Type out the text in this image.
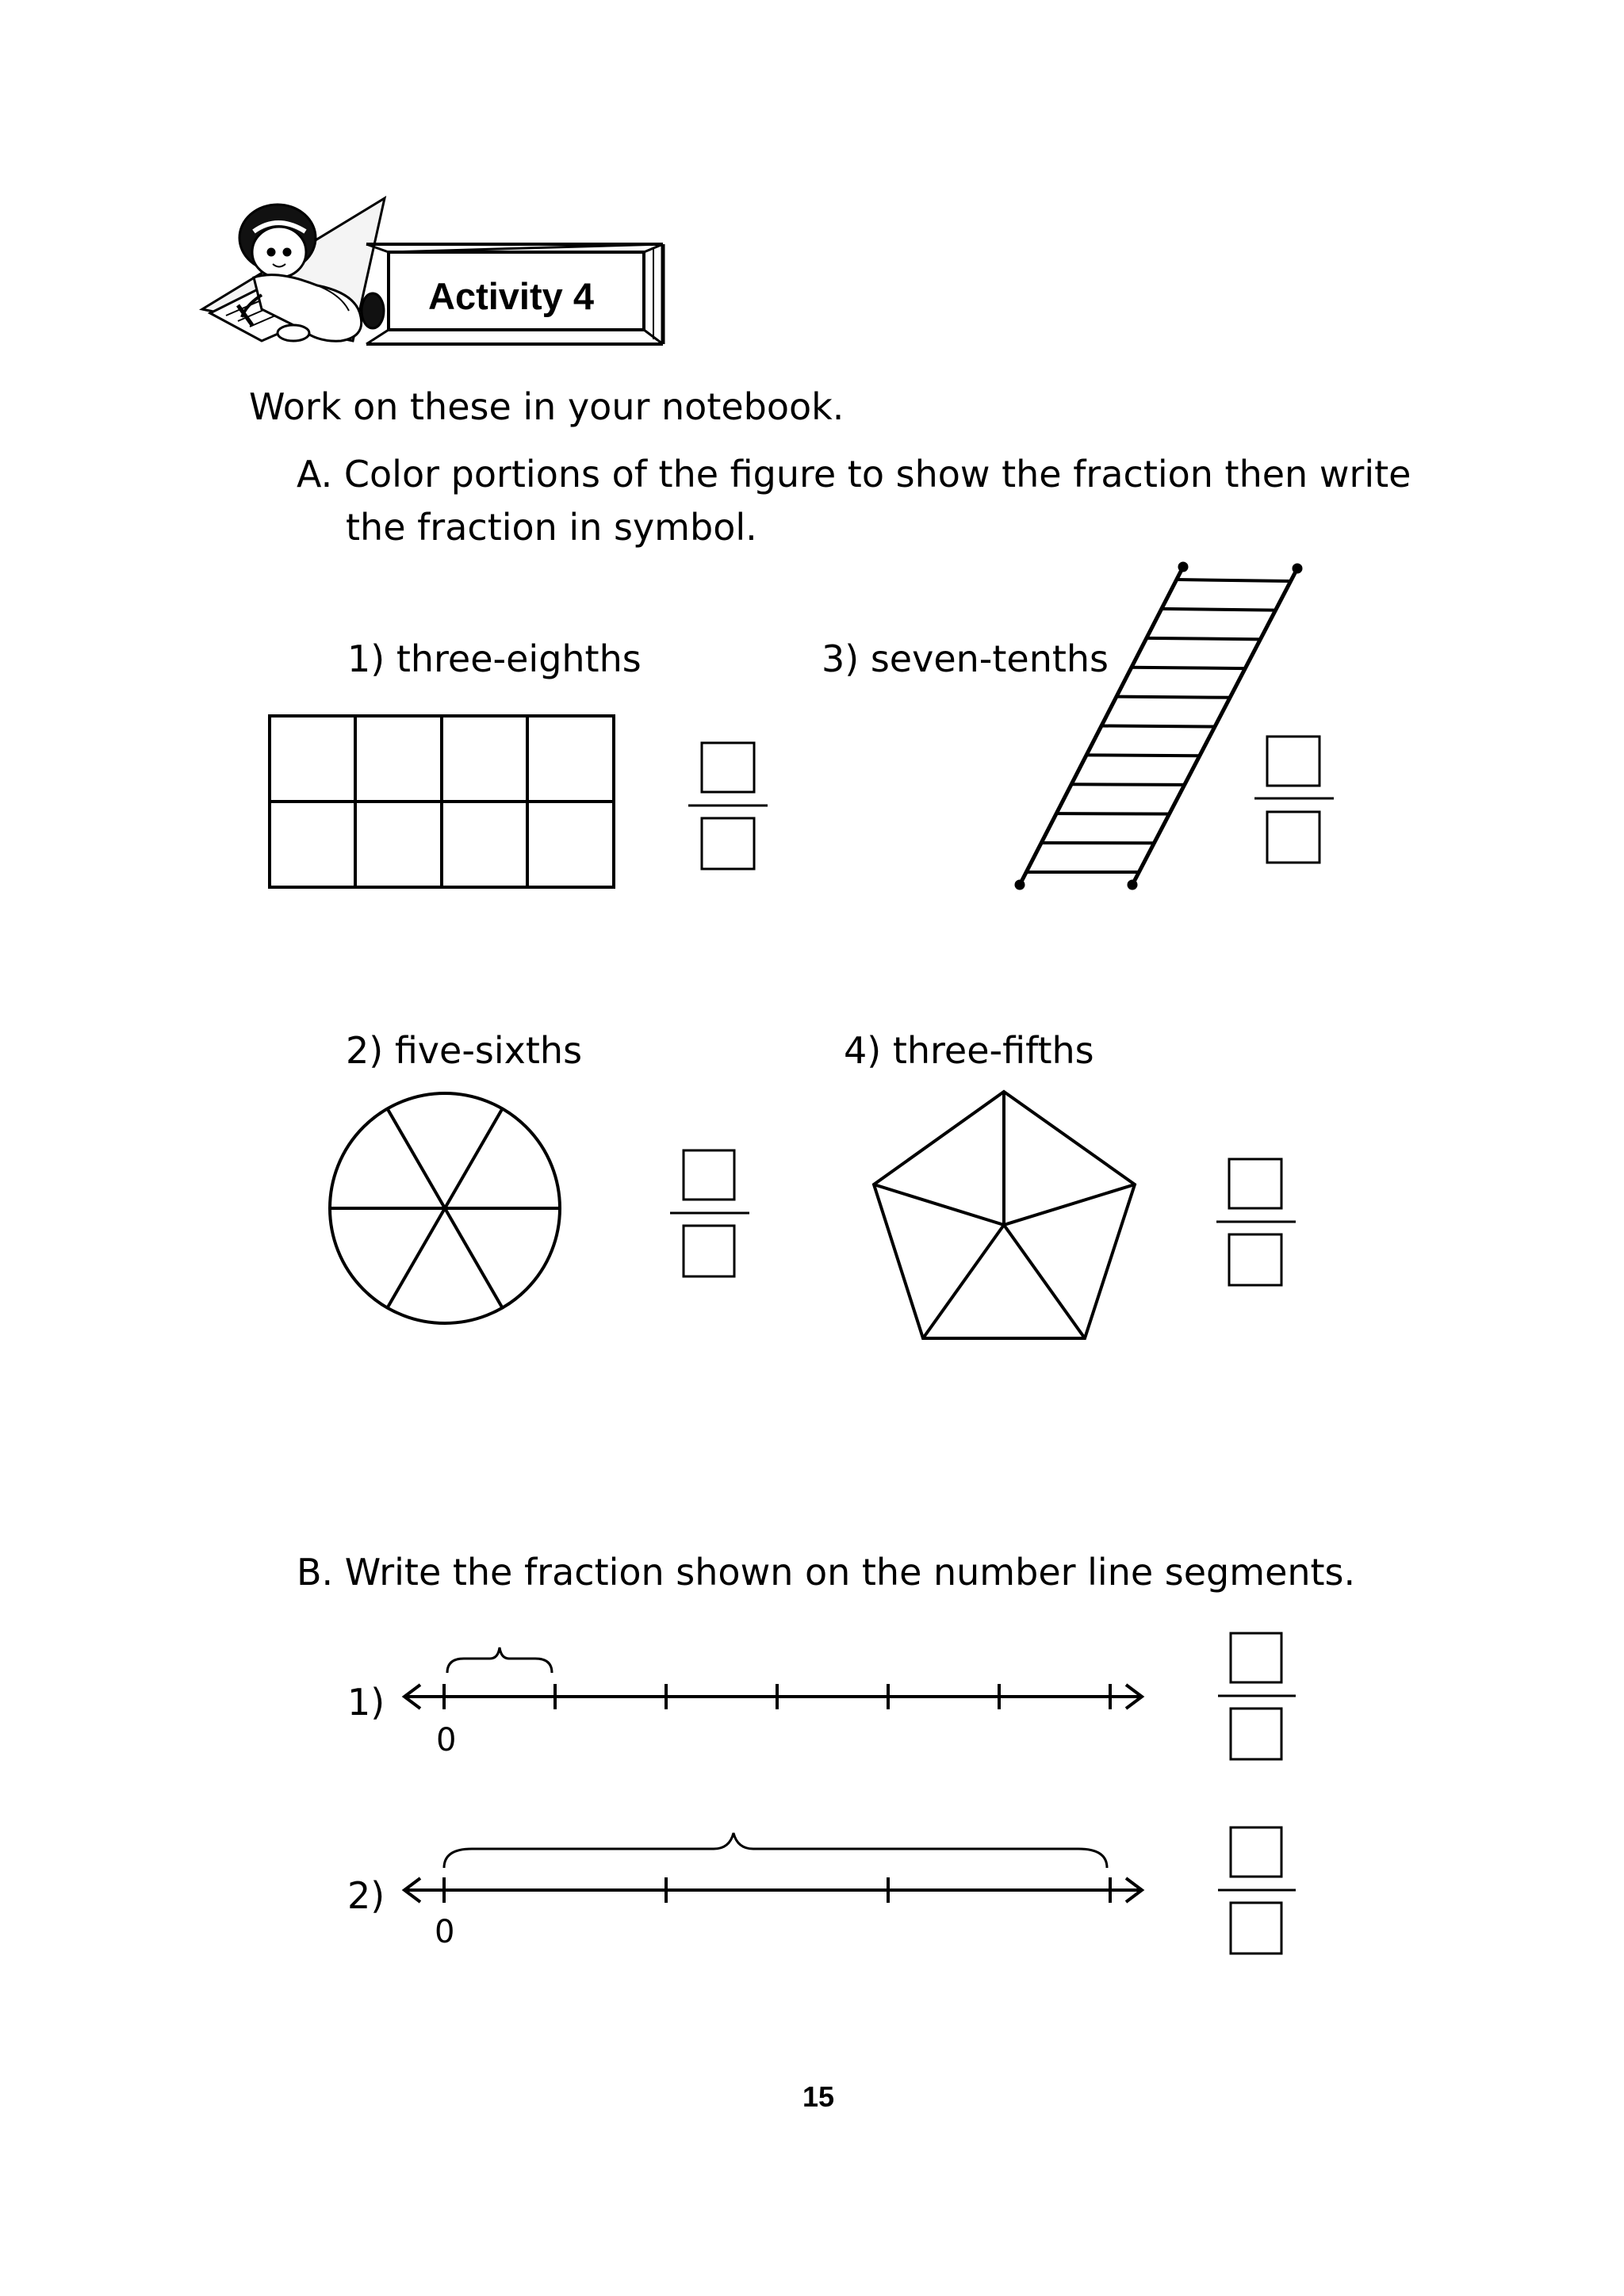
Activity 4
Work on these in your notebook.
A. Color portions of the figure to show the fraction then write
the fraction in symbol.
1) three-eighths	3) seven-tenths
2) five-sixths	4) three-fifths
B. Write the fraction shown on the number line segments.
1)
0
2)
0
15
